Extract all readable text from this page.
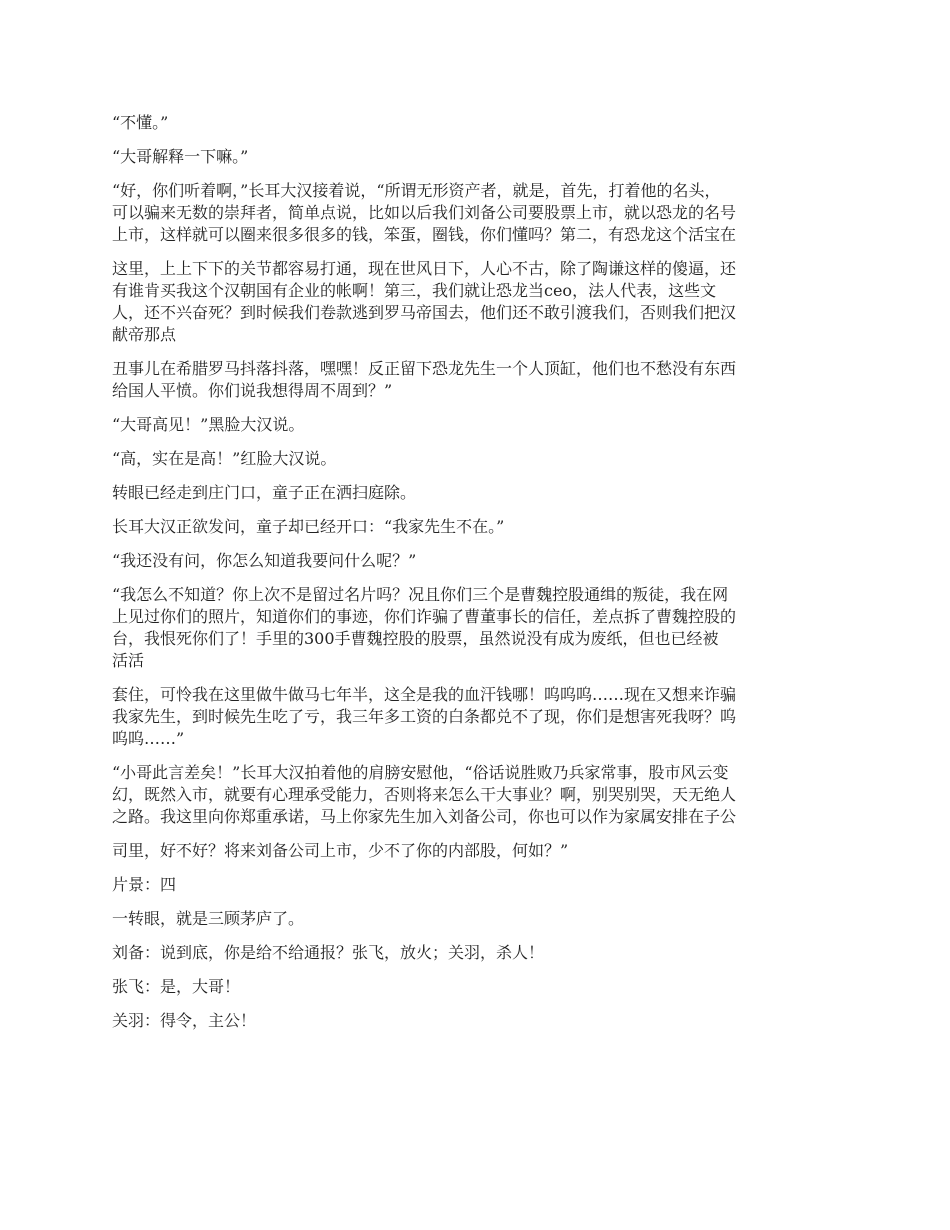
“不懂。”

“大哥解释一下嘛。”

“好，你们听着啊，”长耳大汉接着说，“所谓无形资产者，就是，首先，打着他的名头，
可以骗来无数的崇拜者，简单点说，比如以后我们刘备公司要股票上市，就以恐龙的名号
上市，这样就可以圈来很多很多的钱，笨蛋，圈钱，你们懂吗？第二，有恐龙这个活宝在

这里，上上下下的关节都容易打通，现在世风日下，人心不古，除了陶谦这样的傻逼，还
有谁肯买我这个汉朝国有企业的帐啊！第三，我们就让恐龙当ceo，法人代表，这些文
人，还不兴奋死？到时候我们卷款逃到罗马帝国去，他们还不敢引渡我们，否则我们把汉
献帝那点

丑事儿在希腊罗马抖落抖落，嘿嘿！反正留下恐龙先生一个人顶缸，他们也不愁没有东西
给国人平愤。你们说我想得周不周到？”

“大哥高见！”黑脸大汉说。

“高，实在是高！”红脸大汉说。

转眼已经走到庄门口，童子正在洒扫庭除。

长耳大汉正欲发问，童子却已经开口：“我家先生不在。”

“我还没有问，你怎么知道我要问什么呢？”

“我怎么不知道？你上次不是留过名片吗？况且你们三个是曹魏控股通缉的叛徒，我在网
上见过你们的照片，知道你们的事迹，你们诈骗了曹董事长的信任，差点拆了曹魏控股的
台，我恨死你们了！手里的300手曹魏控股的股票，虽然说没有成为废纸，但也已经被
活活

套住，可怜我在这里做牛做马七年半，这全是我的血汗钱哪！呜呜呜……现在又想来诈骗
我家先生，到时候先生吃了亏，我三年多工资的白条都兑不了现，你们是想害死我呀？呜
呜呜……”

“小哥此言差矣！”长耳大汉拍着他的肩膀安慰他，“俗话说胜败乃兵家常事，股市风云变
幻，既然入市，就要有心理承受能力，否则将来怎么干大事业？啊，别哭别哭，天无绝人
之路。我这里向你郑重承诺，马上你家先生加入刘备公司，你也可以作为家属安排在子公

司里，好不好？将来刘备公司上市，少不了你的内部股，何如？”

片景：四

一转眼，就是三顾茅庐了。

刘备：说到底，你是给不给通报？张飞，放火；关羽，杀人！

张飞：是，大哥！

关羽：得令，主公！
